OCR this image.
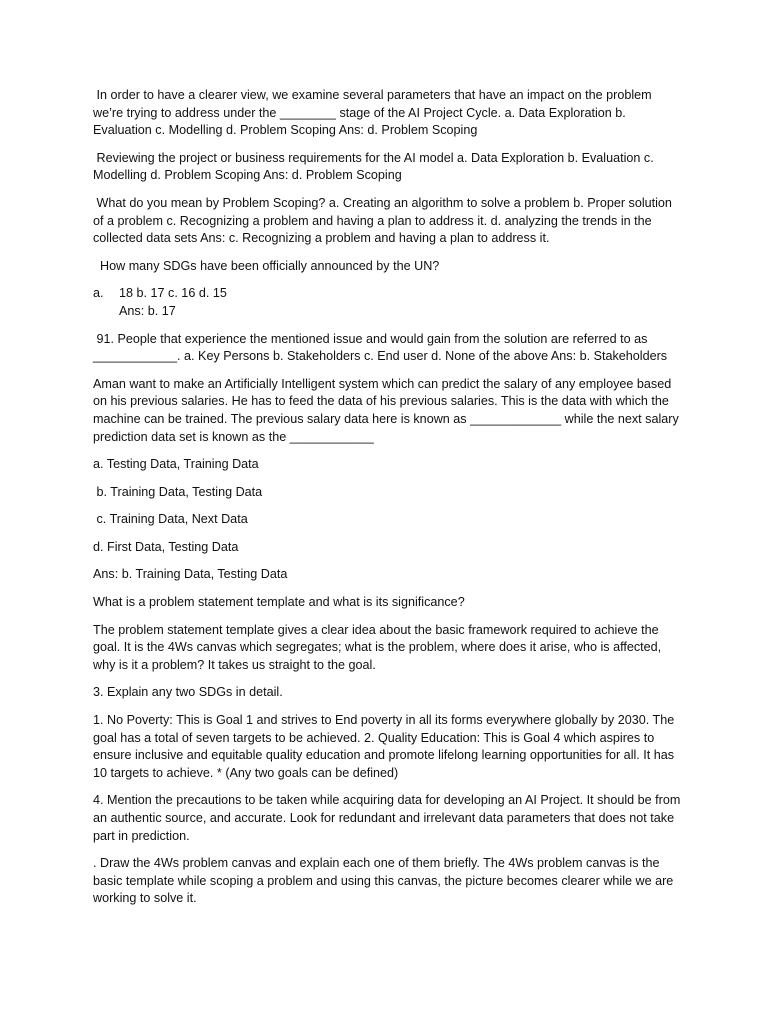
In order to have a clearer view, we examine several parameters that have an impact on the problem we’re trying to address under the ________ stage of the AI Project Cycle. a. Data Exploration b. Evaluation c. Modelling d. Problem Scoping Ans: d. Problem Scoping

Reviewing the project or business requirements for the AI model a. Data Exploration b. Evaluation c. Modelling d. Problem Scoping Ans: d. Problem Scoping

What do you mean by Problem Scoping? a. Creating an algorithm to solve a problem b. Proper solution of a problem c. Recognizing a problem and having a plan to address it. d. analyzing the trends in the collected data sets Ans: c. Recognizing a problem and having a plan to address it.

How many SDGs have been officially announced by the UN?

a.	18 b. 17 c. 16 d. 15
Ans: b. 17

91. People that experience the mentioned issue and would gain from the solution are referred to as ____________. a. Key Persons b. Stakeholders c. End user d. None of the above Ans: b. Stakeholders

Aman want to make an Artificially Intelligent system which can predict the salary of any employee based on his previous salaries. He has to feed the data of his previous salaries. This is the data with which the machine can be trained. The previous salary data here is known as _____________ while the next salary prediction data set is known as the ____________

a. Testing Data, Training Data

b. Training Data, Testing Data

c. Training Data, Next Data

d. First Data, Testing Data

Ans: b. Training Data, Testing Data

What is a problem statement template and what is its significance?

The problem statement template gives a clear idea about the basic framework required to achieve the goal. It is the 4Ws canvas which segregates; what is the problem, where does it arise, who is affected, why is it a problem? It takes us straight to the goal.

3. Explain any two SDGs in detail.

1. No Poverty: This is Goal 1 and strives to End poverty in all its forms everywhere globally by 2030. The goal has a total of seven targets to be achieved. 2. Quality Education: This is Goal 4 which aspires to ensure inclusive and equitable quality education and promote lifelong learning opportunities for all. It has 10 targets to achieve. * (Any two goals can be defined)

4. Mention the precautions to be taken while acquiring data for developing an AI Project. It should be from an authentic source, and accurate. Look for redundant and irrelevant data parameters that does not take part in prediction.

. Draw the 4Ws problem canvas and explain each one of them briefly. The 4Ws problem canvas is the basic template while scoping a problem and using this canvas, the picture becomes clearer while we are working to solve it.
